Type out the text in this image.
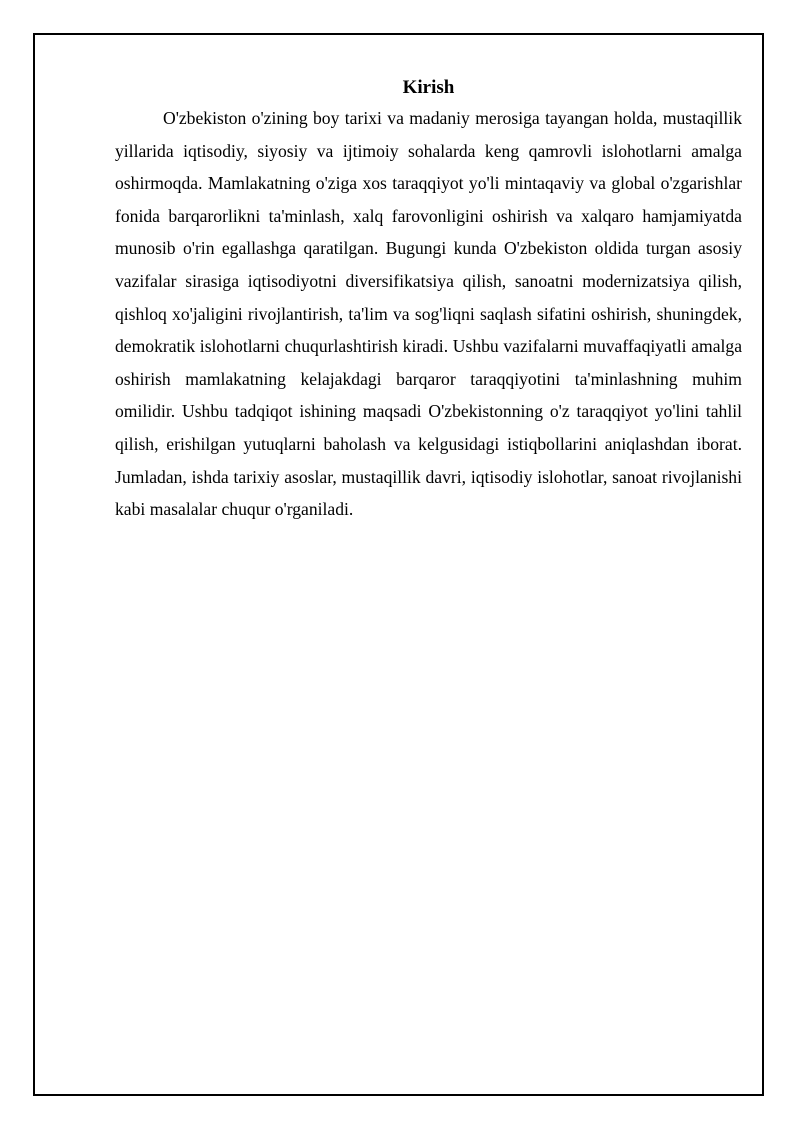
Kirish

O'zbekiston o'zining boy tarixi va madaniy merosiga tayangan holda, mustaqillik yillarida iqtisodiy, siyosiy va ijtimoiy sohalarda keng qamrovli islohotlarni amalga oshirmoqda. Mamlakatning o'ziga xos taraqqiyot yo'li mintaqaviy va global o'zgarishlar fonida barqarorlikni ta'minlash, xalq farovonligini oshirish va xalqaro hamjamiyatda munosib o'rin egallashga qaratilgan. Bugungi kunda O'zbekiston oldida turgan asosiy vazifalar sirasiga iqtisodiyotni diversifikatsiya qilish, sanoatni modernizatsiya qilish, qishloq xo'jaligini rivojlantirish, ta'lim va sog'liqni saqlash sifatini oshirish, shuningdek, demokratik islohotlarni chuqurlashtirish kiradi. Ushbu vazifalarni muvaffaqiyatli amalga oshirish mamlakatning kelajakdagi barqaror taraqqiyotini ta'minlashning muhim omilidir. Ushbu tadqiqot ishining maqsadi O'zbekistonning o'z taraqqiyot yo'lini tahlil qilish, erishilgan yutuqlarni baholash va kelgusidagi istiqbollarini aniqlashdan iborat. Jumladan, ishda tarixiy asoslar, mustaqillik davri, iqtisodiy islohotlar, sanoat rivojlanishi kabi masalalar chuqur o'rganiladi.
